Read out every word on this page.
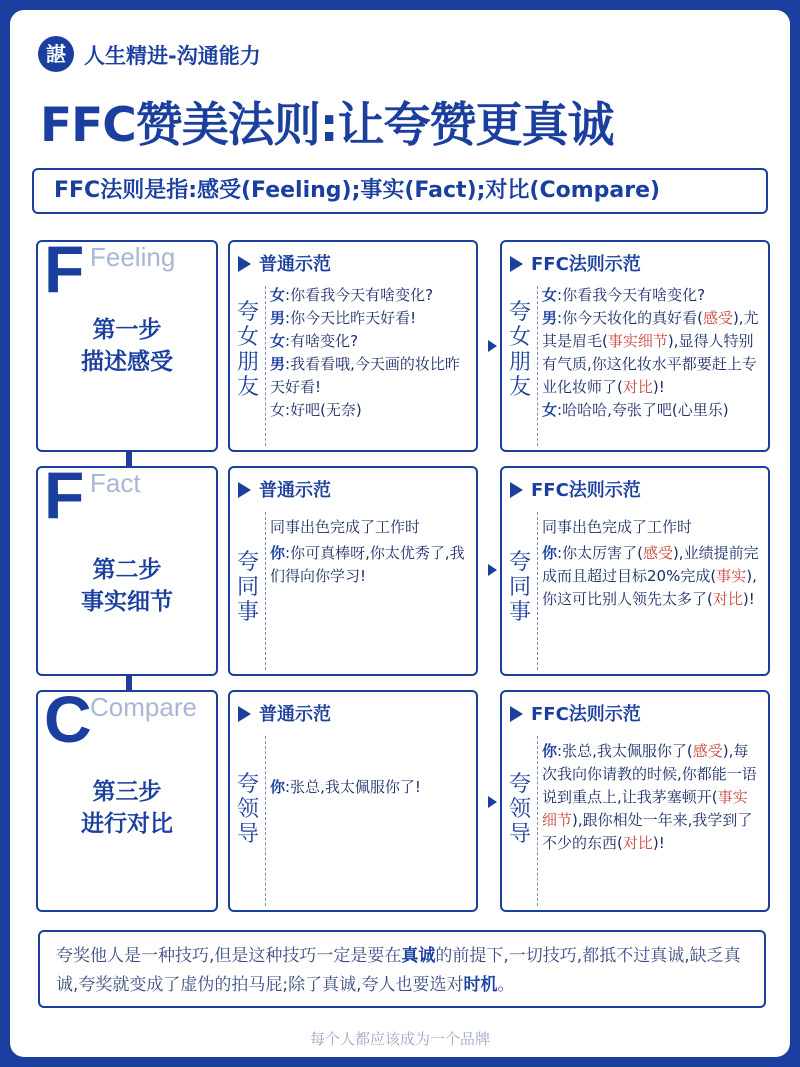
諶 人生精进-沟通能力
FFC赞美法则:让夸赞更真诚
FFC法则是指:感受(Feeling);事实(Fact);对比(Compare)
F Feeling
第一步
描述感受
普通示范
夸
女
朋
友
女:你看我今天有啥变化?
男:你今天比昨天好看!
女:有啥变化?
男:我看看哦,今天画的妆比昨天好看!
女:好吧(无奈)
FFC法则示范
夸
女
朋
友
女:你看我今天有啥变化?
男:你今天妆化的真好看(感受),尤其是眉毛(事实细节),显得人特别有气质,你这化妆水平都要赶上专业化妆师了(对比)!
女:哈哈哈,夸张了吧(心里乐)
F Fact
第二步
事实细节
普通示范
夸
同
事
同事出色完成了工作时
你:你可真棒呀,你太优秀了,我们得向你学习!
FFC法则示范
夸
同
事
同事出色完成了工作时
你:你太厉害了(感受),业绩提前完成而且超过目标20%完成(事实),你这可比别人领先太多了(对比)!
C
Compare
第三步
进行对比
普通示范
夸
领
导
你:张总,我太佩服你了!
FFC法则示范
夸
领
导
你:张总,我太佩服你了(感受),每次我向你请教的时候,你都能一语说到重点上,让我茅塞顿开(事实细节),跟你相处一年来,我学到了不少的东西(对比)!
夸奖他人是一种技巧,但是这种技巧一定是要在真诚的前提下,一切技巧,都抵不过真诚,缺乏真诚,夸奖就变成了虚伪的拍马屁;除了真诚,夸人也要选对时机。
每个人都应该成为一个品牌
大数跨境
